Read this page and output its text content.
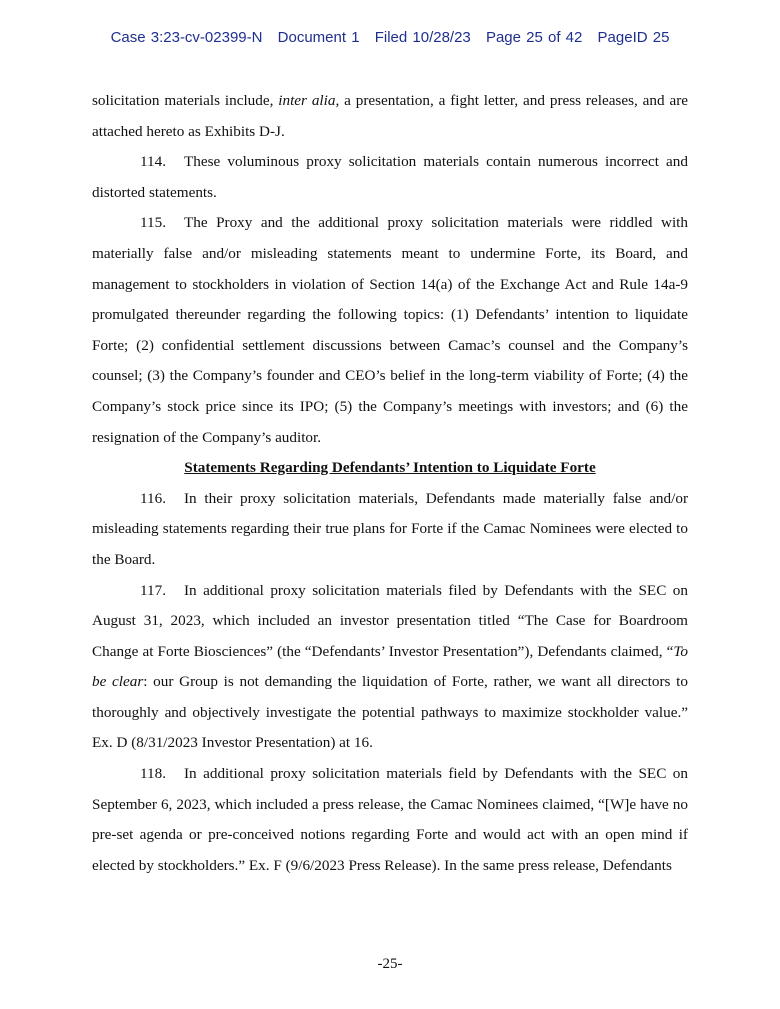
Case 3:23-cv-02399-N Document 1 Filed 10/28/23 Page 25 of 42 PageID 25

solicitation materials include, inter alia, a presentation, a fight letter, and press releases, and are attached hereto as Exhibits D-J.

114. These voluminous proxy solicitation materials contain numerous incorrect and distorted statements.

115. The Proxy and the additional proxy solicitation materials were riddled with materially false and/or misleading statements meant to undermine Forte, its Board, and management to stockholders in violation of Section 14(a) of the Exchange Act and Rule 14a-9 promulgated thereunder regarding the following topics: (1) Defendants’ intention to liquidate Forte; (2) confidential settlement discussions between Camac’s counsel and the Company’s counsel; (3) the Company’s founder and CEO’s belief in the long-term viability of Forte; (4) the Company’s stock price since its IPO; (5) the Company’s meetings with investors; and (6) the resignation of the Company’s auditor.

Statements Regarding Defendants’ Intention to Liquidate Forte

116. In their proxy solicitation materials, Defendants made materially false and/or misleading statements regarding their true plans for Forte if the Camac Nominees were elected to the Board.

117. In additional proxy solicitation materials filed by Defendants with the SEC on August 31, 2023, which included an investor presentation titled “The Case for Boardroom Change at Forte Biosciences” (the “Defendants’ Investor Presentation”), Defendants claimed, “To be clear: our Group is not demanding the liquidation of Forte, rather, we want all directors to thoroughly and objectively investigate the potential pathways to maximize stockholder value.” Ex. D (8/31/2023 Investor Presentation) at 16.

118. In additional proxy solicitation materials field by Defendants with the SEC on September 6, 2023, which included a press release, the Camac Nominees claimed, “[W]e have no pre-set agenda or pre-conceived notions regarding Forte and would act with an open mind if elected by stockholders.” Ex. F (9/6/2023 Press Release). In the same press release, Defendants

-25-
